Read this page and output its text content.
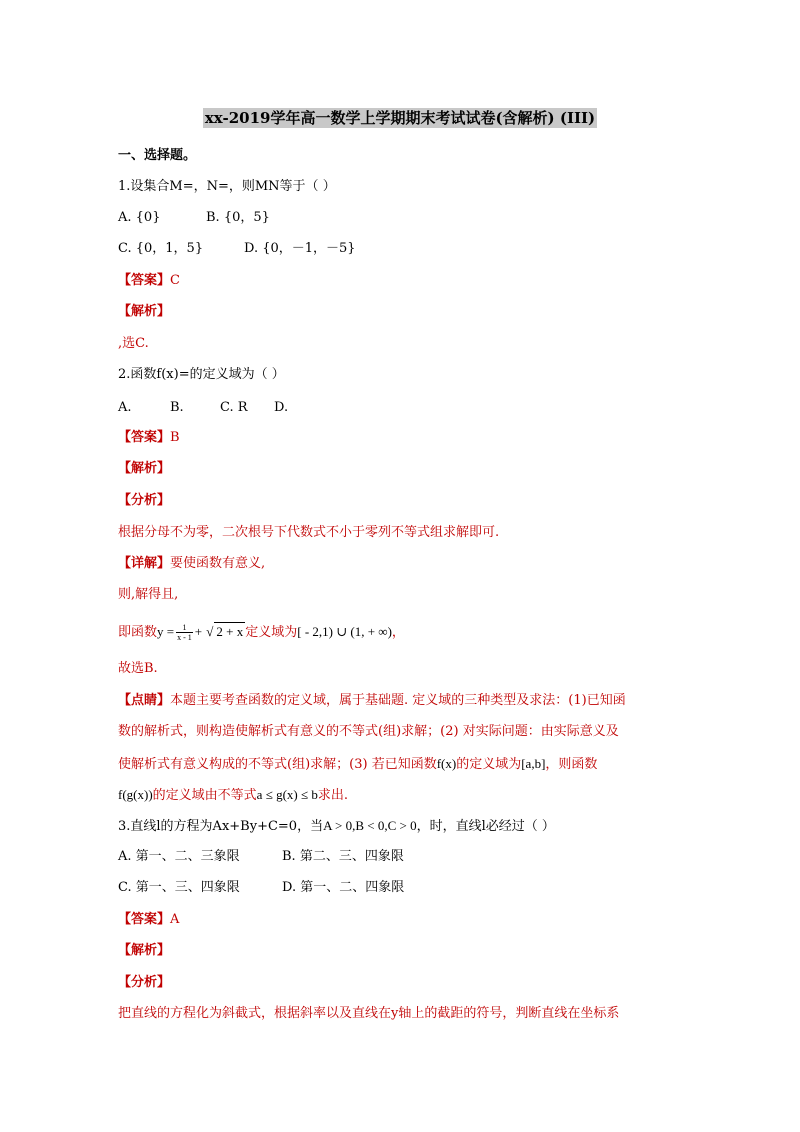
xx-2019学年高一数学上学期期末考试试卷(含解析) (III)
一、选择题。
1.设集合M=，N=，则MN等于（ ）
A. {0}	B. {0，5}
C. {0，1，5}	D. {0，－1，－5}
【答案】C
【解析】
,选C.
2.函数f(x)=的定义域为（ ）
A.	B.	C. R D.
【答案】B
【解析】
【分析】
根据分母不为零，二次根号下代数式不小于零列不等式组求解即可.
【详解】要使函数有意义,
则,解得且,
即函数$y = \frac{1}{x - 1}$ + √ 2 + x 定义域为[ - 2,1) ∪ (1, + ∞)，
故选B.
【点睛】本题主要考查函数的定义域，属于基础题. 定义域的三种类型及求法：(1)已知函
数的解析式，则构造使解析式有意义的不等式(组)求解；(2) 对实际问题：由实际意义及
使解析式有意义构成的不等式(组)求解；(3) 若已知函数f(x)的定义域为[a,b]，则函数
f(g(x))的定义域由不等式a ≤ g(x) ≤ b求出.
3.直线l的方程为Ax+By+C=0，当A > 0,B < 0,C > 0，时，直线l必经过（ ）
A. 第一、二、三象限	B. 第二、三、四象限
C. 第一、三、四象限	D. 第一、二、四象限
【答案】A
【解析】
【分析】
把直线的方程化为斜截式，根据斜率以及直线在y轴上的截距的符号，判断直线在坐标系
